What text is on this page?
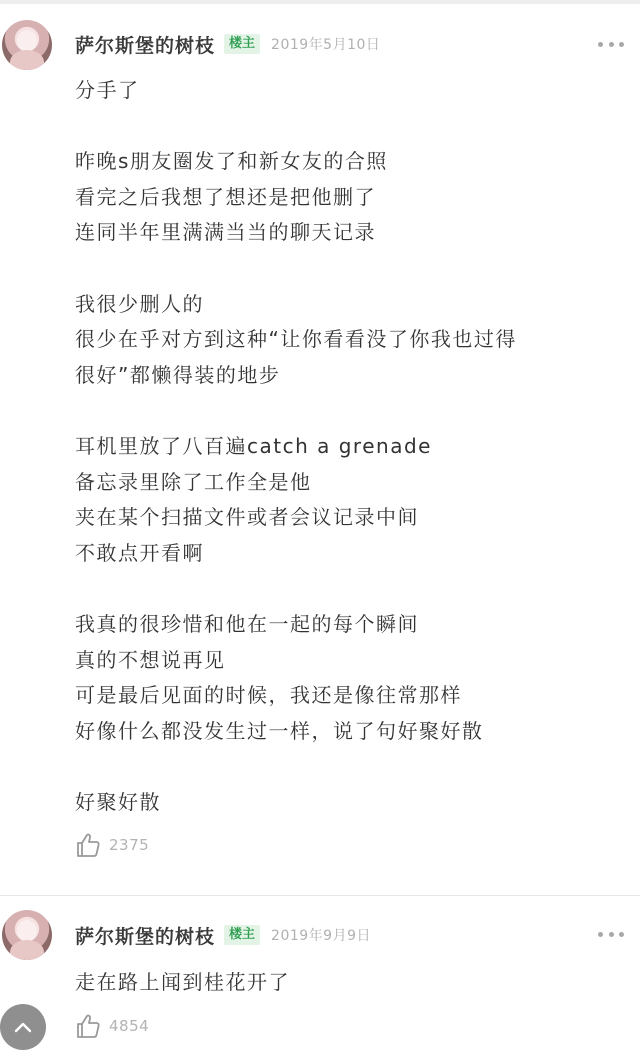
萨尔斯堡的树枝	楼主	2019年5月10日
分手了
昨晚s朋友圈发了和新女友的合照
看完之后我想了想还是把他删了
连同半年里满满当当的聊天记录
我很少删人的
很少在乎对方到这种“让你看看没了你我也过得
很好”都懒得装的地步
耳机里放了八百遍catch a grenade
备忘录里除了工作全是他
夹在某个扫描文件或者会议记录中间
不敢点开看啊
我真的很珍惜和他在一起的每个瞬间
真的不想说再见
可是最后见面的时候，我还是像往常那样
好像什么都没发生过一样，说了句好聚好散
好聚好散
2375
萨尔斯堡的树枝	楼主	2019年9月9日
走在路上闻到桂花开了
4854
